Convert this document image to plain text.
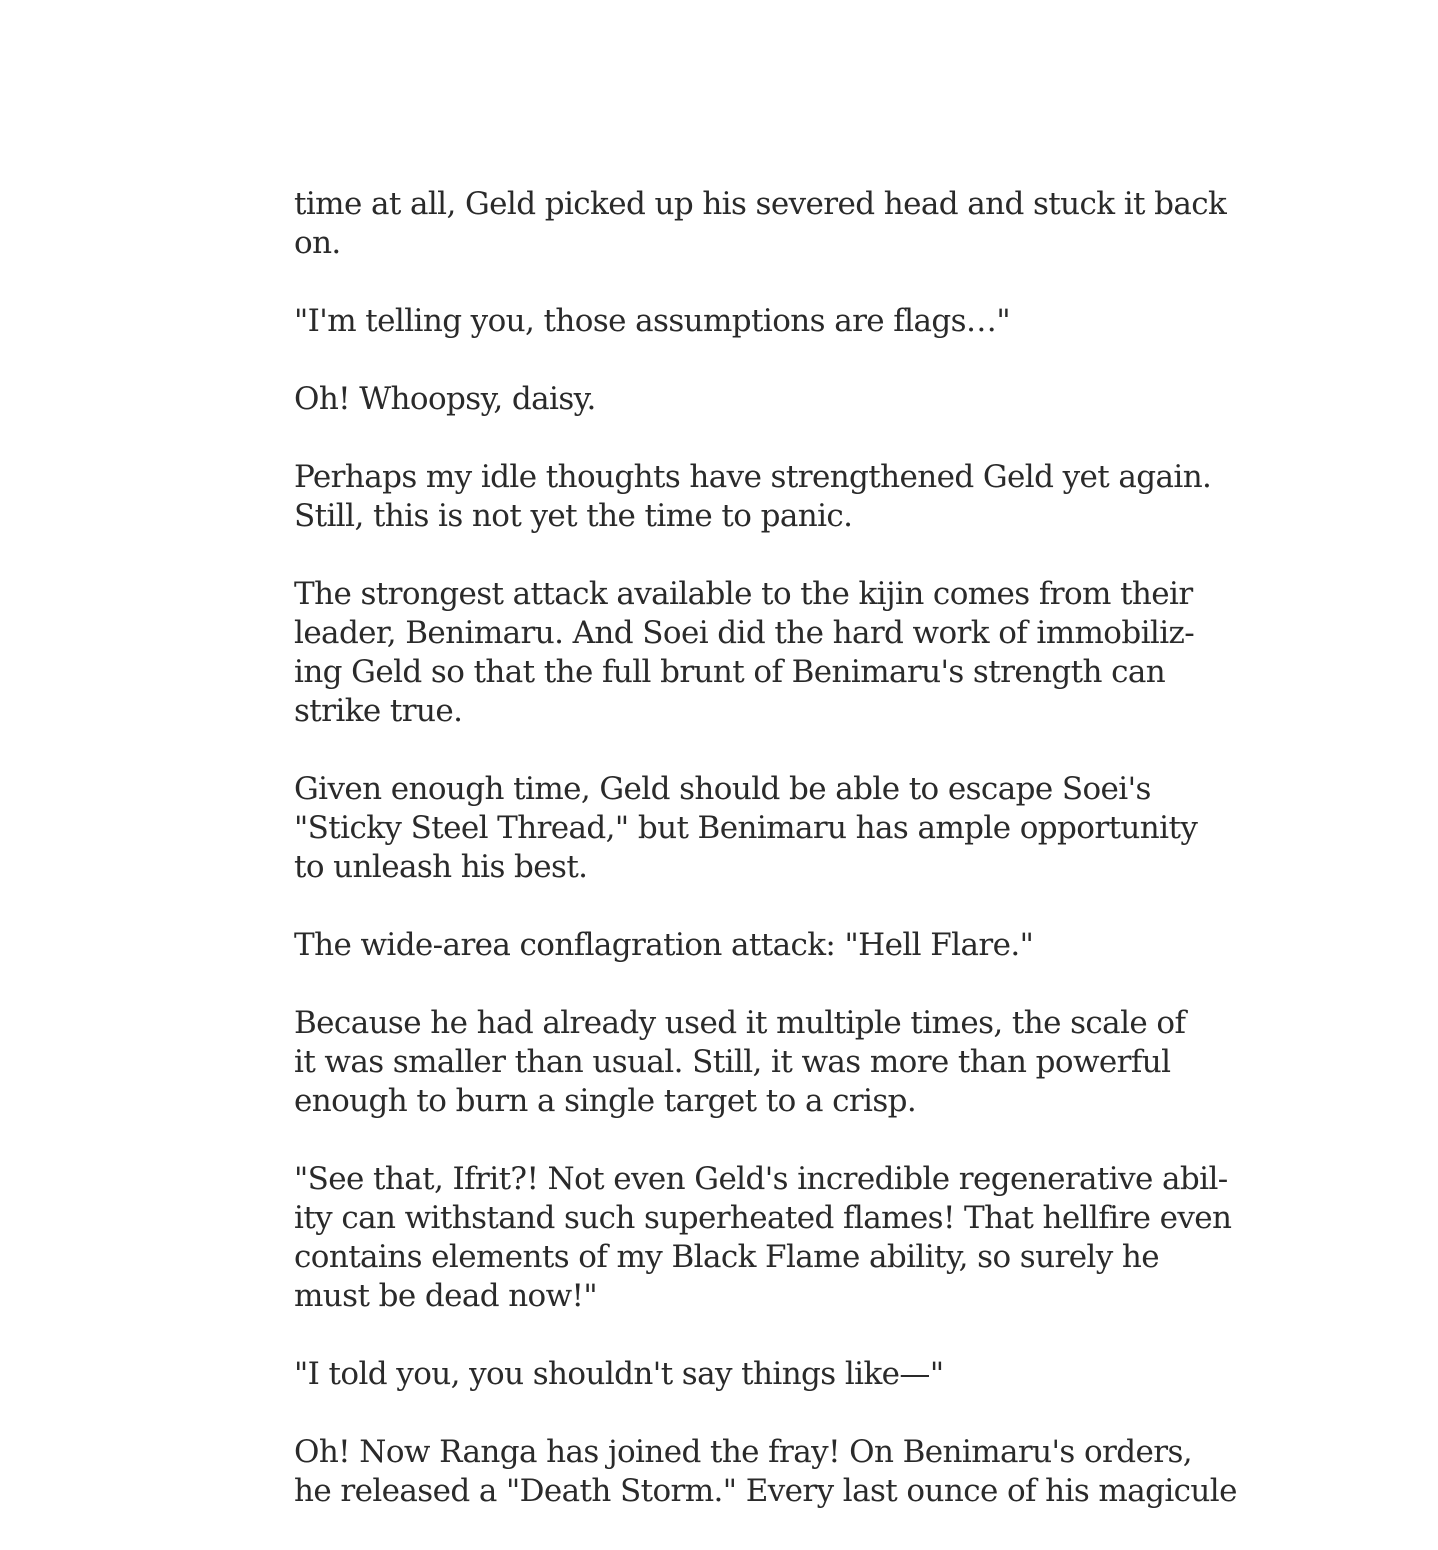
time at all, Geld picked up his severed head and stuck it back
on.
"I'm telling you, those assumptions are flags…"
Oh! Whoopsy, daisy.
Perhaps my idle thoughts have strengthened Geld yet again.
Still, this is not yet the time to panic.
The strongest attack available to the kijin comes from their
leader, Benimaru. And Soei did the hard work of immobiliz-
ing Geld so that the full brunt of Benimaru's strength can
strike true.
Given enough time, Geld should be able to escape Soei's
"Sticky Steel Thread," but Benimaru has ample opportunity
to unleash his best.
The wide-area conflagration attack: "Hell Flare."
Because he had already used it multiple times, the scale of
it was smaller than usual. Still, it was more than powerful
enough to burn a single target to a crisp.
"See that, Ifrit?! Not even Geld's incredible regenerative abil-
ity can withstand such superheated flames! That hellfire even
contains elements of my Black Flame ability, so surely he
must be dead now!"
"I told you, you shouldn't say things like—"
Oh! Now Ranga has joined the fray! On Benimaru's orders,
he released a "Death Storm." Every last ounce of his magicule
